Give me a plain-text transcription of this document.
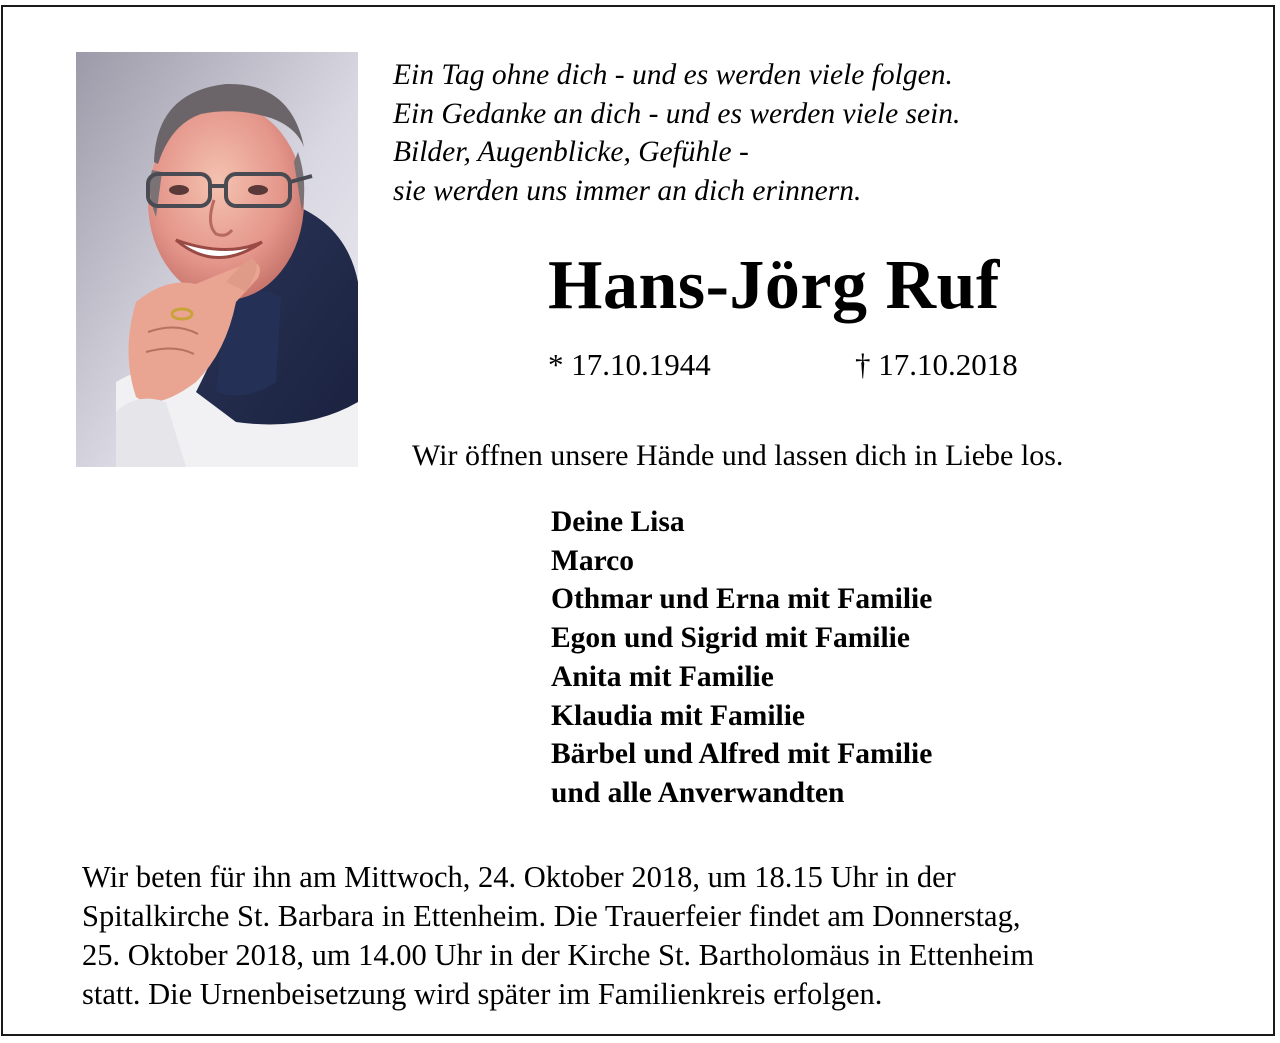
Ein Tag ohne dich - und es werden viele folgen.
Ein Gedanke an dich - und es werden viele sein.
Bilder, Augenblicke, Gefühle -
sie werden uns immer an dich erinnern.
Hans-Jörg Ruf
* 17.10.1944	† 17.10.2018
Wir öffnen unsere Hände und lassen dich in Liebe los.
Deine Lisa
Marco
Othmar und Erna mit Familie
Egon und Sigrid mit Familie
Anita mit Familie
Klaudia mit Familie
Bärbel und Alfred mit Familie
und alle Anverwandten
Wir beten für ihn am Mittwoch, 24. Oktober 2018, um 18.15 Uhr in der
Spitalkirche St. Barbara in Ettenheim. Die Trauerfeier findet am Donnerstag,
25. Oktober 2018, um 14.00 Uhr in der Kirche St. Bartholomäus in Ettenheim
statt. Die Urnenbeisetzung wird später im Familienkreis erfolgen.
